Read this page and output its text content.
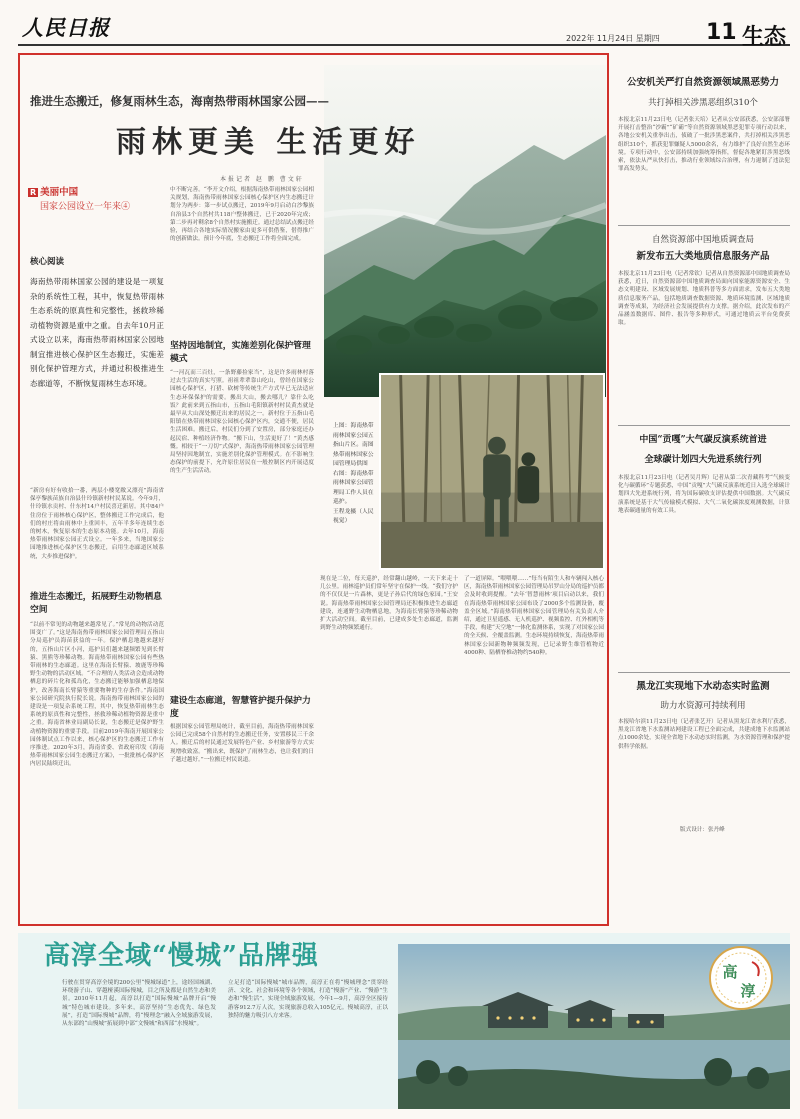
人民日报	2022年 11月24日 星期四 11 生态
推进生态搬迁，修复雨林生态，海南热带雨林国家公园——
雨林更美 生活更好
本报记者 赵 鹏 曹文轩
R 美丽中国
国家公园设立一年来④
核心阅读
海南热带雨林国家公园的建设是一项复杂的系统性工程，其中，恢复热带雨林生态系统的原真性和完整性，拯救珍稀动植物资源是重中之重。自去年10月正式设立以来，海南热带雨林国家公园地制宜推进核心保护区生态搬迁，实施差别化保护管理方式，并通过积极推进生态廊道等，不断恢复雨林生态环境。
“新房有好有收拾一番，两层小楼宽敞又漂亮”海南省保亭黎族苗族自治县什玲镇新村村民某说。今年9月，什玲镇水贡村、什东村14户村民喜迁新居。其中84户住房位于雨林核心保护区，整体搬迁工作完成后，他们的村庄将由雨林中上重回丰，五年半多年连续生态的树木，恢复原本的生态原本功能。去年10月，海南热带雨林国家公园正式设立。一年多来，当地国家公园地推进核心保护区生态搬迁，启用生态廊道区域系统，大步推进保护。
推进生态搬迁，拓展野生动物栖息空间
“以前不常见的动物越来越常见了。”常见的动物活动范围变广了。”这是海南热带雨林国家公园管理局五指山分局巡护员海苗获益的一年。保护栖息地越来越好的，五指山片区小河，巡护员们越来越频繁见到长臂猿、黑熊等珍稀动物。海南热带雨林国家公园有些热带雨林的生态廊道。这里在海南长臂猿、坡鹿等珍稀野生动物的活动区域。“不合理的人类活动会造成动物栖息的碎片化和孤岛化，生态搬迁能够加强栖息地保护，改善海南长臂猿等重要物种的生存条件。”海南国家公园研究院执行院长说。海南热带雨林国家公园的建设是一项复杂系统工程，其中，恢复热带雨林生态系统的原真性和完整性，拯救珍稀动植物资源是重中之重。海南省林业局副局长说，生态搬迁是保护野生动植物资源的重要手段。目前2019年海南开展国家公园体制试点工作以来，核心保护区的生态搬迁工作有序推进。2020年3月，海南省委、省政府印发《海南热带雨林国家公园生态搬迁方案》，一批批核心保护区内居民陆续迁出。
中不断完善。“李开文介绍，根据海南热带雨林国家公园相关规划，海南热带雨林国家公园核心保护区内生态搬迁计划分为两步：第一步试点搬迁，2019年9月启动白沙黎族自治县3个自然村共118户整体搬迁，已于2020年完成；第二步再对剩余8个自然村实施搬迁。通过总结试点搬迁经验，再结合各地实际情况搬家由更多可供借鉴，借得推广的创新做法。预计今年底，生态搬迁工作将全面完成。
坚持因地制宜，实施差别化保护管理模式
“一河瓦而三百灶，一条野藤捡家当”，这是许多雨林村落过去生活的真实写照。祖祖辈辈靠山吃山，曾经在国家公园核心保护区，打猎、砍树等传统生产方式早已无法适应生态环保保护的需要。搬出大山，搬去哪儿？靠什么吃饭？此前来到五指山市，五指山毛阳镇新村村民黄杰就是最早从大山深处搬迁出来的居民之一。新村位于五指山毛阳镇在热带雨林国家公园核心保护区内，交通不便，居民生活困难。搬迁后，村民们分到了安置房，部分家庭还办起民宿、种植经济作物。“搬下山，生活更好了！”黄杰感慨。相较于“一刀切”式保护，海南热带雨林国家公园管理局坚持因地制宜，实施差别化保护管理模式。在不影响生态保护的前提下，允许原住居民在一般控制区内开展适度的生产生活活动。
建设生态廊道，智慧管护提升保护力度
根据国家公园管理局统计，截至目前，海南热带雨林国家公园已完成58个自然村的生态搬迁任务，安置移民三千余人。搬迁后的村民通过发展特色产业、乡村旅游等方式实现增收致富。“搬出来，既保护了雨林生态，也让我们的日子越过越好。”一位搬迁村民说道。
上图：海南热带雨林国家公园五指山片区。南图热带雨林国家公园管理局供图
右图：海南热带雨林国家公园管理局工作人员在巡护。
王程龙摄（人民视觉）
现在是二位，每天巡护，经常翻山越岭，一天下来走十几公里。雨林巡护员们常年坚守在保护一线。“我们守护的不仅仅是一片森林，更是子孙后代的绿色家园。”王安说。海南热带雨林国家公园管理局还积极推进生态廊道建设，连通野生动物栖息地，为海南长臂猿等珍稀动物扩大活动空间。截至目前，已建成多处生态廊道，监测到野生动物频繁通行。
了一道屏障。“喂喂喂……”每当有陌生人和车辆闯入核心区，海南热带雨林国家公园管理局吊罗山分局的巡护员都会及时收到提醒。“去年‘智慧雨林’项目启动以来，我们在海南热带雨林国家公园布设了2000多个监测设备，覆盖全区域。”海南热带雨林国家公园管理局有关负责人介绍，通过卫星遥感、无人机巡护、视频监控、红外相机等手段，构建“天空地”一体化监测体系，实现了对国家公园的全天候、全覆盖监测。生态环境持续恢复，海南热带雨林国家公园新物种频频发现，已记录野生维管植物近4000种、陆栖脊椎动物约540种。
公安机关严打自然资源领域黑恶势力
共打掉相关涉黑恶组织310个
本报北京11月23日电（记者张天培）记者从公安部获悉，公安部部署开展打击整治“沙霸”“矿霸”等自然资源领域黑恶犯罪专项行动以来，各地公安机关重拳出击，侦破了一批涉黑恶案件，共打掉相关涉黑恶组织310个，抓获犯罪嫌疑人5000余名，有力维护了良好自然生态环境。专项行动中，公安部持续加强统筹指挥，督促各地紧盯涉黑恶线索，依法从严从快打击，推动行业领域综合治理，有力遏制了违法犯罪高发势头。
自然资源部中国地质调查局
新发布五大类地质信息服务产品
本报北京11月23日电（记者常钦）记者从自然资源部中国地质调查局获悉，近日，自然资源部中国地质调查局面向国家能源资源安全、生态文明建设、区域发展规划、地质科普等多方面需求，发布五大类地质信息服务产品，包括地质调查数据资源、地质环境监测、区域地质调查等成果，为经济社会发展提供有力支撑。据介绍，此次发布的产品涵盖数据库、图件、报告等多种形式，可通过地质云平台免费获取。
中国“贡嘎”大气碳反演系统首进
全球碳计划四大先进系统行列
本报北京11月23日电（记者吴月辉）记者从第二次青藏科考“气候变化与碳循环”专题获悉，中国“贡嘎”大气碳反演系统近日入选全球碳计划四大先进系统行列，将为国际碳收支评估提供中国数据。大气碳反演系统是基于大气传输模式模拟、大气二氧化碳浓度观测数据，计算地表碳通量的有效工具。
黑龙江实现地下水动态实时监测
助力水资源可持续利用
本报哈尔滨11月23日电（记者张艺开）记者从黑龙江省水利厅获悉，黑龙江省地下水监测站网建设工程已全面完成，共建成地下水监测站点1000余处，实现全省地下水动态实时监测，为水资源管理和保护提供科学依据。
版式设计：张丹峰
行驶在贯穿高淳全境的200公里“慢城绿道”上，途经国城湖、环绕游子山、穿越桠溪国际慢城，目之所及都是自然生态和美景。2010年11月起，高淳以打造“国际慢城”品牌开启“慢城”特色城市建设。多年来，高淳坚持“生态优先、绿色发展”，打造“国际慢城”品牌，将“慢理念”融入全域旅游发展，从东部的“山慢城”拓展到中部“文慢城”和西部“水慢城”。
立足打造“国际慢城”城市品牌，高淳正在将“慢城理念”贯穿经济、文化、社会和环境等各个领域，打造“慢游”产业、“慢游”生态和“慢生活”，实现全域旅游发展。今年1—9月，高淳全区接待游客912.7万人次，实现旅游总收入105亿元。慢城高淳，正以独特的魅力吸引八方来客。
高淳全域“慢城”品牌强
高
淳
